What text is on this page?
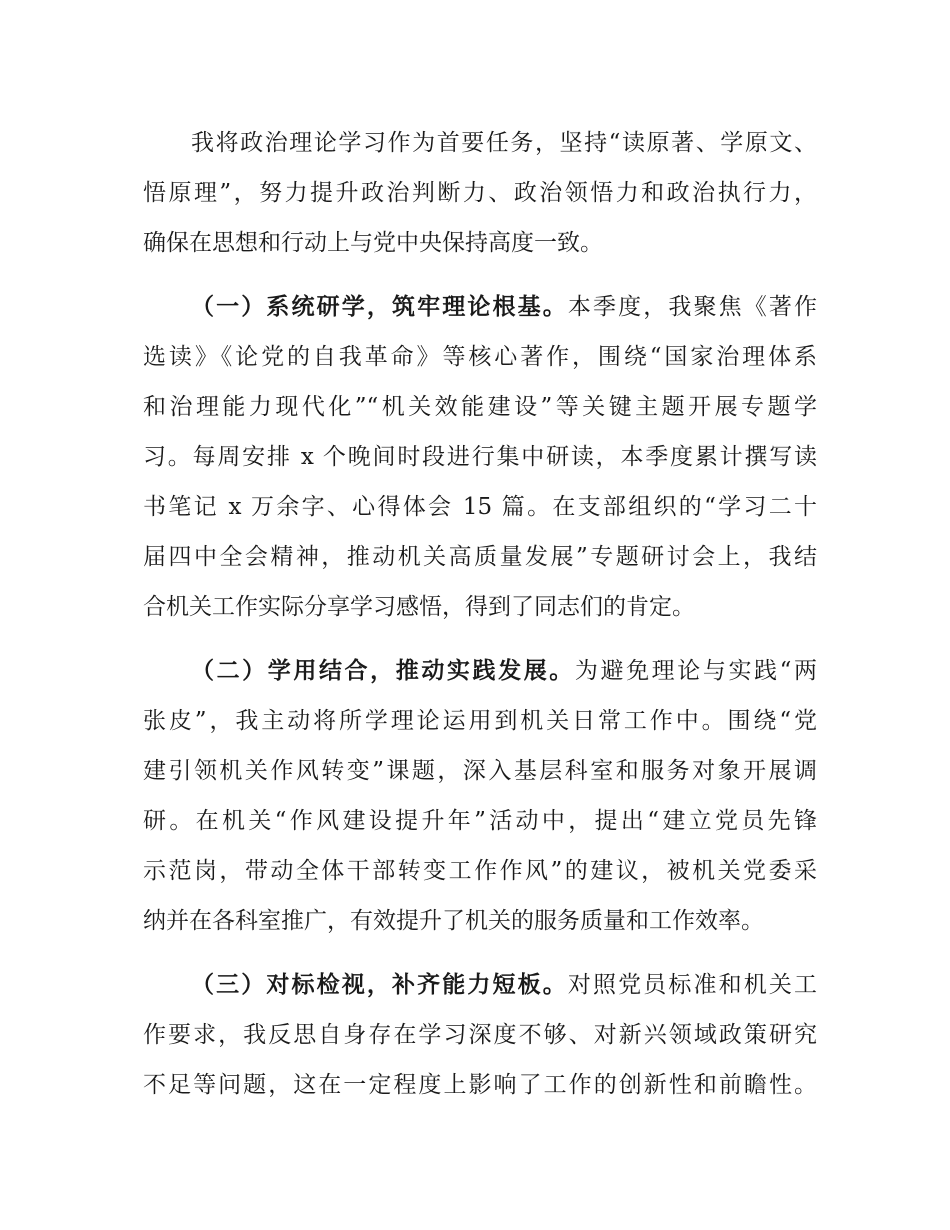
我将政治理论学习作为首要任务，坚持“读原著、学原文、
悟原理”，努力提升政治判断力、政治领悟力和政治执行力，
确保在思想和行动上与党中央保持高度一致。
（一）系统研学，筑牢理论根基。本季度，我聚焦《著作
选读》《论党的自我革命》等核心著作，围绕“国家治理体系
和治理能力现代化”“机关效能建设”等关键主题开展专题学
习。每周安排 x 个晚间时段进行集中研读，本季度累计撰写读
书笔记 x 万余字、心得体会 15 篇。在支部组织的“学习二十
届四中全会精神，推动机关高质量发展”专题研讨会上，我结
合机关工作实际分享学习感悟，得到了同志们的肯定。
（二）学用结合，推动实践发展。为避免理论与实践“两
张皮”，我主动将所学理论运用到机关日常工作中。围绕“党
建引领机关作风转变”课题，深入基层科室和服务对象开展调
研。在机关“作风建设提升年”活动中，提出“建立党员先锋
示范岗，带动全体干部转变工作作风”的建议，被机关党委采
纳并在各科室推广，有效提升了机关的服务质量和工作效率。
（三）对标检视，补齐能力短板。对照党员标准和机关工
作要求，我反思自身存在学习深度不够、对新兴领域政策研究
不足等问题，这在一定程度上影响了工作的创新性和前瞻性。
